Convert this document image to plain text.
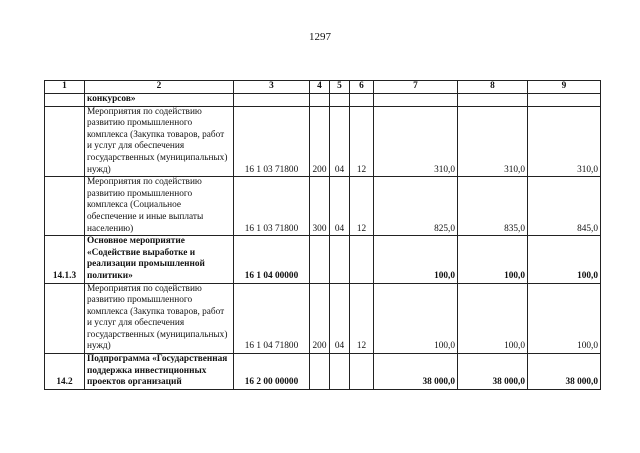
1297
1	2	3	4	5	6	7	8	9
	конкурсов»							
	Мероприятия по содействию развитию промышленного комплекса (Закупка товаров, работ и услуг для обеспечения государственных (муниципальных) нужд)	16 1 03 71800	200	04	12	310,0	310,0	310,0
	Мероприятия по содействию развитию промышленного комплекса (Социальное обеспечение и иные выплаты населению)	16 1 03 71800	300	04	12	825,0	835,0	845,0
14.1.3	Основное мероприятие «Содействие выработке и реализации промышленной политики»	16 1 04 00000				100,0	100,0	100,0
	Мероприятия по содействию развитию промышленного комплекса (Закупка товаров, работ и услуг для обеспечения государственных (муниципальных) нужд)	16 1 04 71800	200	04	12	100,0	100,0	100,0
14.2	Подпрограмма «Государственная поддержка инвестиционных проектов организаций	16 2 00 00000				38 000,0	38 000,0	38 000,0
